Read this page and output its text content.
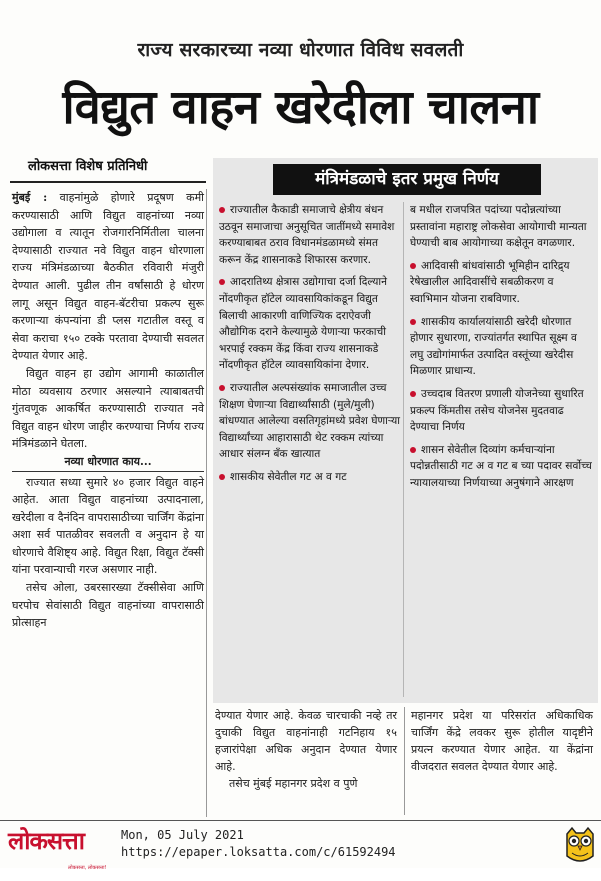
राज्य सरकारच्या नव्या धोरणात विविध सवलती
विद्युत वाहन खरेदीला चालना
लोकसत्ता विशेष प्रतिनिधी

मुंबई : वाहनांमुळे होणारे प्रदूषण कमी करण्यासाठी आणि विद्युत वाहनांच्या नव्या उद्योगाला व त्यातून रोजगारनिर्मितीला चालना देण्यासाठी राज्यात नवे विद्युत वाहन धोरणाला राज्य मंत्रिमंडळाच्या बैठकीत रविवारी मंजुरी देण्यात आली. पुढील तीन वर्षांसाठी हे धोरण लागू असून विद्युत वाहन-बॅटरीचा प्रकल्प सुरू करणाऱ्या कंपन्यांना डी प्लस गटातील वस्तू व सेवा कराचा १५० टक्के परतावा देण्याची सवलत देण्यात येणार आहे.

विद्युत वाहन हा उद्योग आगामी काळातील मोठा व्यवसाय ठरणार असल्याने त्याबाबतची गुंतवणूक आकर्षित करण्यासाठी राज्यात नवे विद्युत वाहन धोरण जाहीर करण्याचा निर्णय राज्य मंत्रिमंडळाने घेतला.

नव्या धोरणात काय...

राज्यात सध्या सुमारे ४० हजार विद्युत वाहने आहेत. आता विद्युत वाहनांच्या उत्पादनाला, खरेदीला व दैनंदिन वापरासाठीच्या चार्जिंग केंद्रांना अशा सर्व पातळीवर सवलती व अनुदान हे या धोरणाचे वैशिष्ट्य आहे. विद्युत रिक्षा, विद्युत टॅक्सी यांना परवान्याची गरज असणार नाही.

तसेच ओला, उबरसारख्या टॅक्सीसेवा आणि घरपोच सेवांसाठी विद्युत वाहनांच्या वापरासाठी प्रोत्साहन

मंत्रिमंडळाचे इतर प्रमुख निर्णय
राज्यातील कैकाडी समाजाचे क्षेत्रीय बंधन उठवून समाजाचा अनुसूचित जातींमध्ये समावेश करण्याबाबत ठराव विधानमंडळामध्ये संमत करून केंद्र शासनाकडे शिफारस करणार.
आदरातिथ्य क्षेत्रास उद्योगाचा दर्जा दिल्याने नोंदणीकृत हॉटेल व्यावसायिकांकडून विद्युत बिलाची आकारणी वाणिज्यिक दराऐवजी औद्योगिक दराने केल्यामुळे येणाऱ्या फरकाची भरपाई रक्कम केंद्र किंवा राज्य शासनाकडे नोंदणीकृत हॉटेल व्यावसायिकांना देणार.
राज्यातील अल्पसंख्यांक समाजातील उच्च शिक्षण घेणाऱ्या विद्यार्थ्यांसाठी (मुले/मुली) बांधण्यात आलेल्या वसतिगृहांमध्ये प्रवेश घेणाऱ्या विद्यार्थ्यांच्या आहारासाठी थेट रक्कम त्यांच्या आधार संलग्न बँक खात्यात
शासकीय सेवेतील गट अ व गट
ब मधील राजपत्रित पदांच्या पदोन्नत्यांच्या प्रस्तावांना महाराष्ट्र लोकसेवा आयोगाची मान्यता घेण्याची बाब आयोगाच्या कक्षेतून वगळणार.
आदिवासी बांधवांसाठी भूमिहीन दारिद्र्य रेषेखालील आदिवासींचे सबळीकरण व स्वाभिमान योजना राबविणार.
शासकीय कार्यालयांसाठी खरेदी धोरणात होणार सुधारणा, राज्यांतर्गत स्थापित सूक्ष्म व लघु उद्योगांमार्फत उत्पादित वस्तूंच्या खरेदीस मिळणार प्राधान्य.
उच्चदाब वितरण प्रणाली योजनेच्या सुधारित प्रकल्प किंमतीस तसेच योजनेस मुदतवाढ देण्याचा निर्णय
शासन सेवेतील दिव्यांग कर्मचाऱ्यांना पदोन्नतीसाठी गट अ व गट ब च्या पदावर सर्वोच्च न्यायालयाच्या निर्णयाच्या अनुषंगाने आरक्षण

देण्यात येणार आहे. केवळ चारचाकी नव्हे तर दुचाकी विद्युत वाहनांनाही गटनिहाय १५ हजारांपेक्षा अधिक अनुदान देण्यात येणार आहे.

तसेच मुंबई महानगर प्रदेश व पुणे

महानगर प्रदेश या परिसरांत अधिकाधिक चार्जिंग केंद्रे लवकर सुरू होतील यादृष्टीने प्रयत्न करण्यात येणार आहेत. या केंद्रांना वीजदरात सवलत देण्यात येणार आहे.

लोकसत्ता
लोकसत्ता, लोकसत्ता!
Mon, 05 July 2021
https://epaper.loksatta.com/c/61592494
